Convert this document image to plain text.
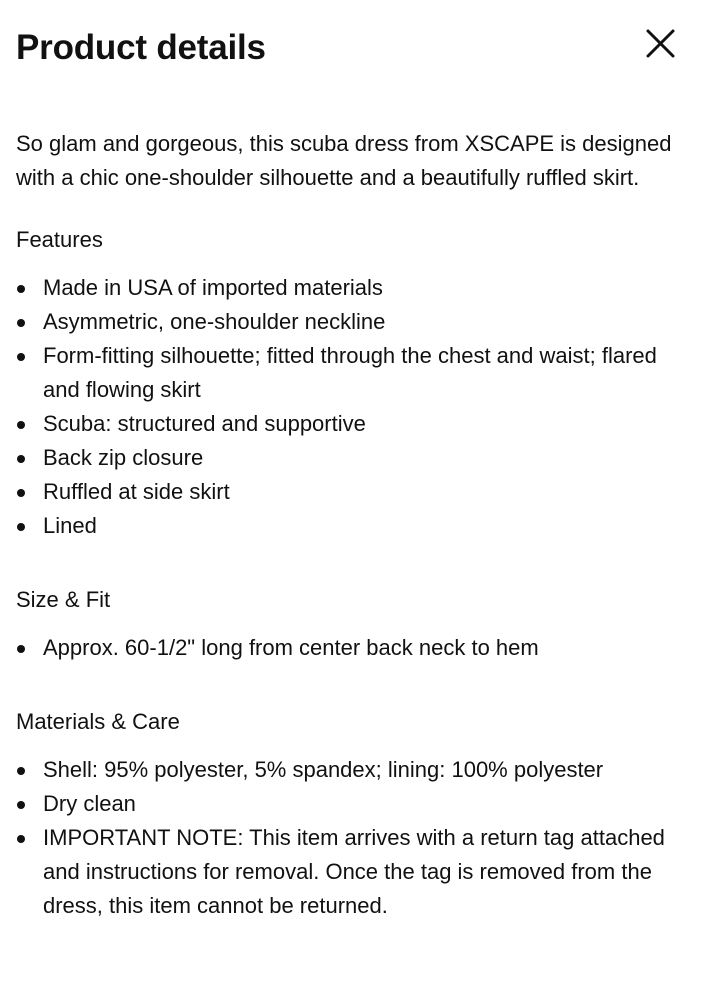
Product details

So glam and gorgeous, this scuba dress from XSCAPE is designed with a chic one-shoulder silhouette and a beautifully ruffled skirt.

Features
Made in USA of imported materials
Asymmetric, one-shoulder neckline
Form-fitting silhouette; fitted through the chest and waist; flared and flowing skirt
Scuba: structured and supportive
Back zip closure
Ruffled at side skirt
Lined
Size & Fit
Approx. 60-1/2" long from center back neck to hem
Materials & Care
Shell: 95% polyester, 5% spandex; lining: 100% polyester
Dry clean
IMPORTANT NOTE: This item arrives with a return tag attached and instructions for removal. Once the tag is removed from the dress, this item cannot be returned.
